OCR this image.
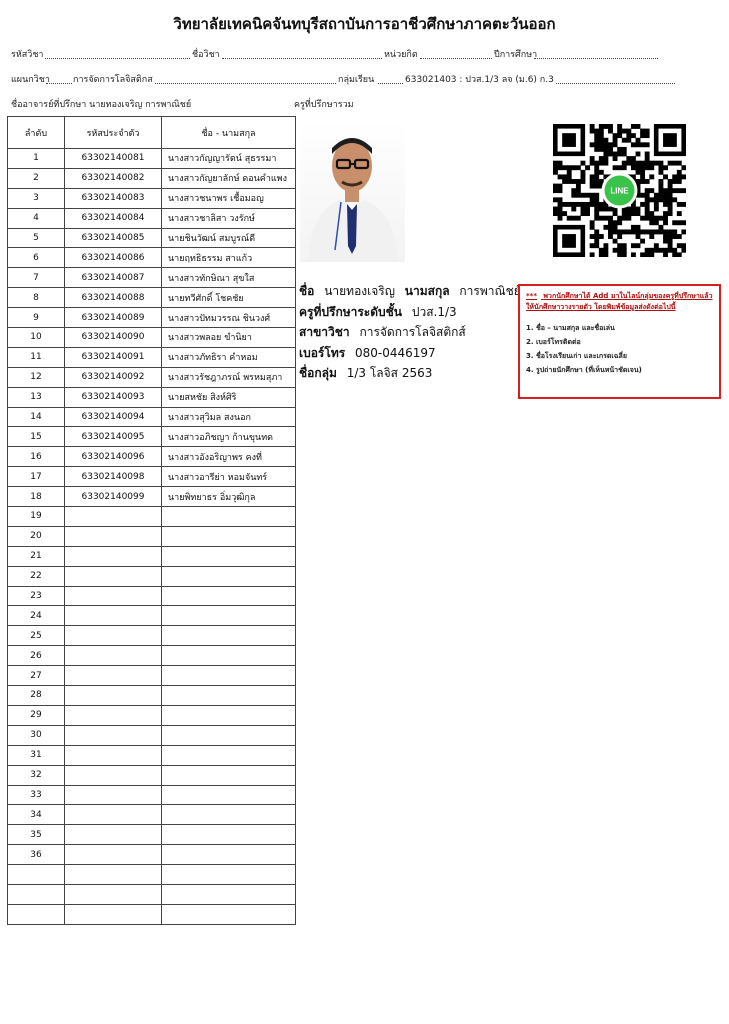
วิทยาลัยเทคนิคจันทบุรีสถาบันการอาชีวศึกษาภาคตะวันออก
รหัสวิชา	ชื่อวิชา	หน่วยกิต	ปีการศึกษา
แผนกวิชา	การจัดการโลจิสติกส	กลุ่มเรียน	633021403 : ปวส.1/3 ลจ (ม.6) ก.3
ชื่ออาจารย์ที่ปรึกษา นายทองเจริญ การพาณิชย์	ครูที่ปรึกษารวม
ลำดับ	รหัสประจำตัว	ชื่อ - นามสกุล
1	63302140081	นางสาวกัญญารัตน์ สุธรรมา
2	63302140082	นางสาวกัญยาลักษ์ ดอนคำแพง
3	63302140083	นางสาวชนาพร เชื้อมอญ
4	63302140084	นางสาวชาลิสา วงรักษ์
5	63302140085	นายชินวัฒน์ สมบูรณ์ดี
6	63302140086	นายฤทธิธรรม สาแก้ว
7	63302140087	นางสาวทักษิณา สุขใส
8	63302140088	นายทวีศักดิ์ โชคชัย
9	63302140089	นางสาวปัทมวรรณ ชินวงศ์
10	63302140090	นางสาวพลอย ขำนิยา
11	63302140091	นางสาวภัทธิรา คำหอม
12	63302140092	นางสาวรัชฎาภรณ์ พรหมสุภา
13	63302140093	นายสหชัย สิงห์ศิริ
14	63302140094	นางสาวสุวิมล สงนอก
15	63302140095	นางสาวอภิชญา ก้านขุนทด
16	63302140096	นางสาวอังอริญาพร คงที่
17	63302140098	นางสาวอารีย่า หอมจันทร์
18	63302140099	นายพิทยาธร อิ่มวุฒิกุล
19		
20		
21		
22		
23		
24		
25		
26		
27		
28		
29		
30		
31		
32		
33		
34		
35		
36		

LINE
ชื่อ นายทองเจริญ นามสกุล การพาณิชย์
ครูที่ปรึกษาระดับชั้น ปวส.1/3
สาขาวิชา การจัดการโลจิสติกส์
เบอร์โทร 080-0446197
ชื่อกลุ่ม 1/3 โลจิส 2563
*** พวกนักศึกษาได้ Add มาในไลน์กลุ่มของครูที่ปรึกษาแล้ว ให้นักศึกษาวางรายตัว โดยพิมพ์ข้อมูลส่งดังต่อไปนี้
1. ชื่อ – นามสกุล และชื่อเล่น
2. เบอร์โทรติดต่อ
3. ชื่อโรงเรียนเก่า และเกรดเฉลี่ย
4. รูปถ่ายนักศึกษา (ที่เห็นหน้าชัดเจน)
